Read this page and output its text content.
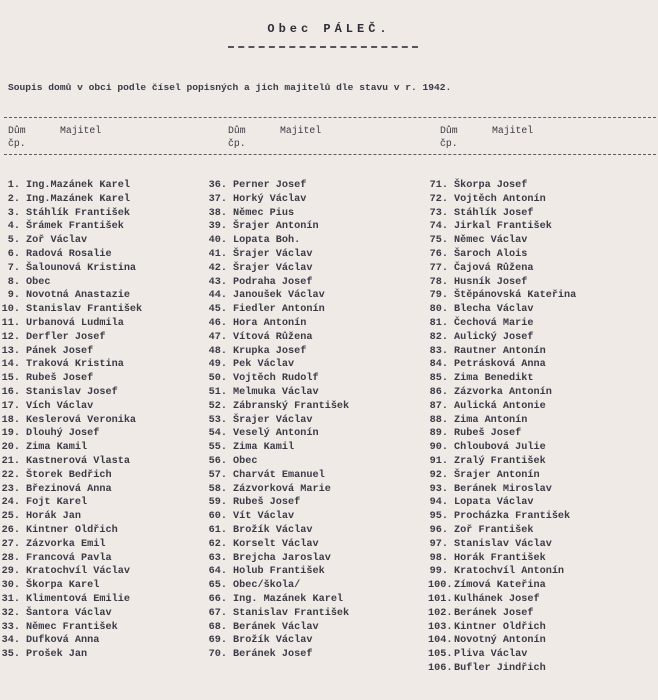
Obec PÁLEČ.
Soupis domů v obci podle čísel popisných a jich majitelů dle stavu v r. 1942.
Dům
čp.Majitel	Dům
čp.Majitel	Dům
čp.Majitel
1. Ing.Mazánek Karel
2. Ing.Mazánek Karel
3. Stáhlík František
4. Šrámek František
5. Zoř Václav
6. Radová Rosalie
7. Šalounová Kristina
8. Obec
9. Novotná Anastazie
10. Stanislav František
11. Urbanová Ludmila
12. Derfler Josef
13. Pánek Josef
14. Traková Kristina
15. Rubeš Josef
16. Stanislav Josef
17. Vích Václav
18. Keslerová Veronika
19. Dlouhý Josef
20. Zima Kamil
21. Kastnerová Vlasta
22. Štorek Bedřich
23. Březinová Anna
24. Fojt Karel
25. Horák Jan
26. Kintner Oldřich
27. Zázvorka Emil
28. Francová Pavla
29. Kratochvíl Václav
30. Škorpa Karel
31. Klimentová Emilie
32. Šantora Václav
33. Němec František
34. Dufková Anna
35. Prošek Jan
36. Perner Josef
37. Horký Václav
38. Němec Pius
39. Šrajer Antonín
40. Lopata Boh.
41. Šrajer Václav
42. Šrajer Václav
43. Podraha Josef
44. Janoušek Václav
45. Fiedler Antonín
46. Hora Antonín
47. Vítová Růžena
48. Krupka Josef
49. Pek Václav
50. Vojtěch Rudolf
51. Melmuka Václav
52. Zábranský František
53. Šrajer Václav
54. Veselý Antonín
55. Zima Kamil
56. Obec
57. Charvát Emanuel
58. Zázvorková Marie
59. Rubeš Josef
60. Vít Václav
61. Brožík Václav
62. Korselt Václav
63. Brejcha Jaroslav
64. Holub František
65. Obec/škola/
66. Ing. Mazánek Karel
67. Stanislav František
68. Beránek Václav
69. Brožík Václav
70. Beránek Josef
71. Škorpa Josef
72. Vojtěch Antonín
73. Stáhlík Josef
74. Jirkal František
75. Němec Václav
76. Šaroch Alois
77. Čajová Růžena
78. Husník Josef
79. Štěpánovská Kateřina
80. Blecha Václav
81. Čechová Marie
82. Aulický Josef
83. Rautner Antonín
84. Petrásková Anna
85. Zima Benedikt
86. Zázvorka Antonín
87. Aulická Antonie
88. Zima Antonín
89. Rubeš Josef
90. Chloubová Julie
91. Zralý František
92. Šrajer Antonín
93. Beránek Miroslav
94. Lopata Václav
95. Procházka František
96. Zoř František
97. Stanislav Václav
98. Horák František
99. Kratochvíl Antonín
100. Zímová Kateřina
101. Kulhánek Josef
102. Beránek Josef
103. Kintner Oldřich
104. Novotný Antonín
105. Pliva Václav
106. Bufler Jindřich
